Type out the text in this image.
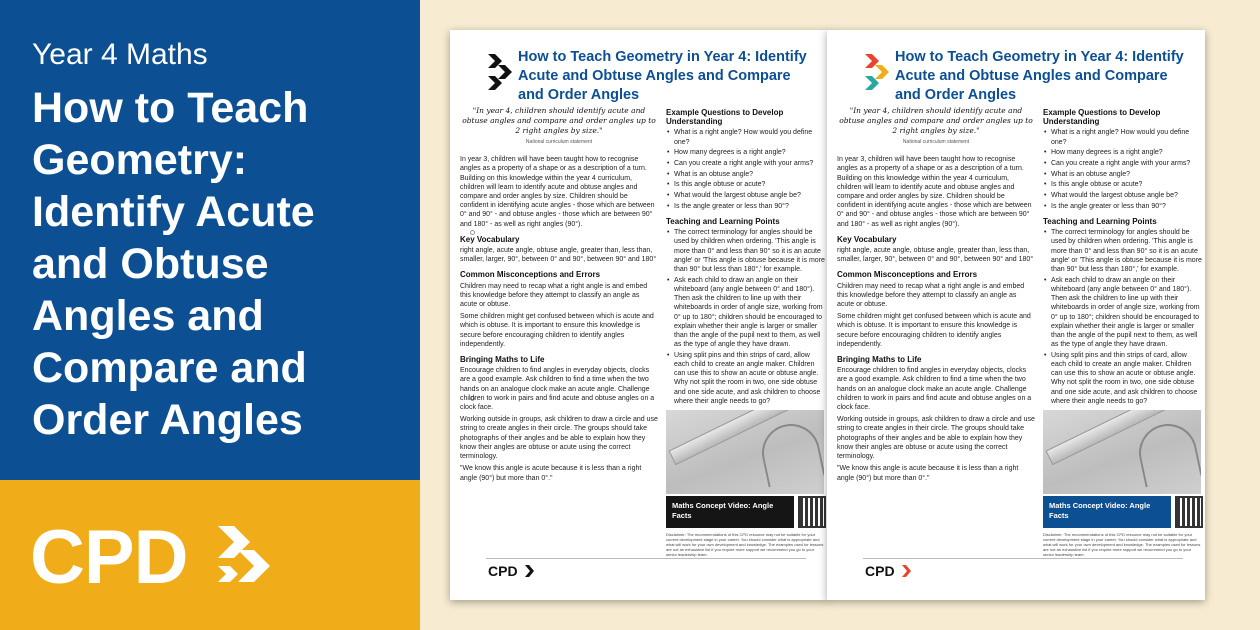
Year 4 Maths
How to Teach Geometry: Identify Acute and Obtuse Angles and Compare and Order Angles
CPD
How to Teach Geometry in Year 4: Identify Acute and Obtuse Angles and Compare and Order Angles
"In year 4, children should identify acute and obtuse angles and compare and order angles up to 2 right angles by size."
National curriculum statement
In year 3, children will have been taught how to recognise angles as a property of a shape or as a description of a turn. Building on this knowledge within the year 4 curriculum, children will learn to identify acute and obtuse angles and compare and order angles by size. Children should be confident in identifying acute angles - those which are between 0° and 90° - and obtuse angles - those which are between 90° and 180° - as well as right angles (90°).
Key Vocabulary
right angle, acute angle, obtuse angle, greater than, less than, smaller, larger, 90°, between 0° and 90°, between 90° and 180°
Common Misconceptions and Errors
Children may need to recap what a right angle is and embed this knowledge before they attempt to classify an angle as acute or obtuse.
Some children might get confused between which is acute and which is obtuse. It is important to ensure this knowledge is secure before encouraging children to identify angles independently.
Bringing Maths to Life
Encourage children to find angles in everyday objects, clocks are a good example. Ask children to find a time when the two hands on an analogue clock make an acute angle. Challenge children to work in pairs and find acute and obtuse angles on a clock face.
Working outside in groups, ask children to draw a circle and use string to create angles in their circle. The groups should take photographs of their angles and be able to explain how they know their angles are obtuse or acute using the correct terminology.
"We know this angle is acute because it is less than a right angle (90°) but more than 0°."
Example Questions to Develop Understanding
• What is a right angle? How would you define one?
• How many degrees is a right angle?
• Can you create a right angle with your arms?
• What is an obtuse angle?
• Is this angle obtuse or acute?
• What would the largest obtuse angle be?
• Is the angle greater or less than 90°?
Teaching and Learning Points
• The correct terminology for angles should be used by children when ordering. 'This angle is more than 0° and less than 90° so it is an acute angle' or 'This angle is obtuse because it is more than 90° but less than 180°,' for example.
• Ask each child to draw an angle on their whiteboard (any angle between 0° and 180°). Then ask the children to line up with their whiteboards in order of angle size, working from 0° up to 180°; children should be encouraged to explain whether their angle is larger or smaller than the angle of the pupil next to them, as well as the type of angle they have drawn.
• Using split pins and thin strips of card, allow each child to create an angle maker. Children can use this to show an acute or obtuse angle. Why not split the room in two, one side obtuse and one side acute, and ask children to choose where their angle needs to go?
Maths Concept Video: Angle Facts
Disclaimer: The recommendations of this CPD resource may not be suitable for your current development stage in your career. You should consider what is appropriate and what will work for your own development and knowledge. The examples used for lessons are not an exhaustive list if you require more support we recommend you go to your senior leadership team.
CPD
How to Teach Geometry in Year 4: Identify Acute and Obtuse Angles and Compare and Order Angles
"In year 4, children should identify acute and obtuse angles and compare and order angles up to 2 right angles by size."
National curriculum statement
In year 3, children will have been taught how to recognise angles as a property of a shape or as a description of a turn. Building on this knowledge within the year 4 curriculum, children will learn to identify acute and obtuse angles and compare and order angles by size. Children should be confident in identifying acute angles - those which are between 0° and 90° - and obtuse angles - those which are between 90° and 180° - as well as right angles (90°).
Key Vocabulary
right angle, acute angle, obtuse angle, greater than, less than, smaller, larger, 90°, between 0° and 90°, between 90° and 180°
Common Misconceptions and Errors
Children may need to recap what a right angle is and embed this knowledge before they attempt to classify an angle as acute or obtuse.
Some children might get confused between which is acute and which is obtuse. It is important to ensure this knowledge is secure before encouraging children to identify angles independently.
Bringing Maths to Life
Encourage children to find angles in everyday objects, clocks are a good example. Ask children to find a time when the two hands on an analogue clock make an acute angle. Challenge children to work in pairs and find acute and obtuse angles on a clock face.
Working outside in groups, ask children to draw a circle and use string to create angles in their circle. The groups should take photographs of their angles and be able to explain how they know their angles are obtuse or acute using the correct terminology.
"We know this angle is acute because it is less than a right angle (90°) but more than 0°."
Example Questions to Develop Understanding
• What is a right angle? How would you define one?
• How many degrees is a right angle?
• Can you create a right angle with your arms?
• What is an obtuse angle?
• Is this angle obtuse or acute?
• What would the largest obtuse angle be?
• Is the angle greater or less than 90°?
Teaching and Learning Points
• The correct terminology for angles should be used by children when ordering. 'This angle is more than 0° and less than 90° so it is an acute angle' or 'This angle is obtuse because it is more than 90° but less than 180°,' for example.
• Ask each child to draw an angle on their whiteboard (any angle between 0° and 180°). Then ask the children to line up with their whiteboards in order of angle size, working from 0° up to 180°; children should be encouraged to explain whether their angle is larger or smaller than the angle of the pupil next to them, as well as the type of angle they have drawn.
• Using split pins and thin strips of card, allow each child to create an angle maker. Children can use this to show an acute or obtuse angle. Why not split the room in two, one side obtuse and one side acute, and ask children to choose where their angle needs to go?
Maths Concept Video: Angle Facts
Disclaimer: The recommendations of this CPD resource may not be suitable for your current development stage in your career. You should consider what is appropriate and what will work for your own development and knowledge. The examples used for lessons are not an exhaustive list if you require more support we recommend you go to your senior leadership team.
CPD
